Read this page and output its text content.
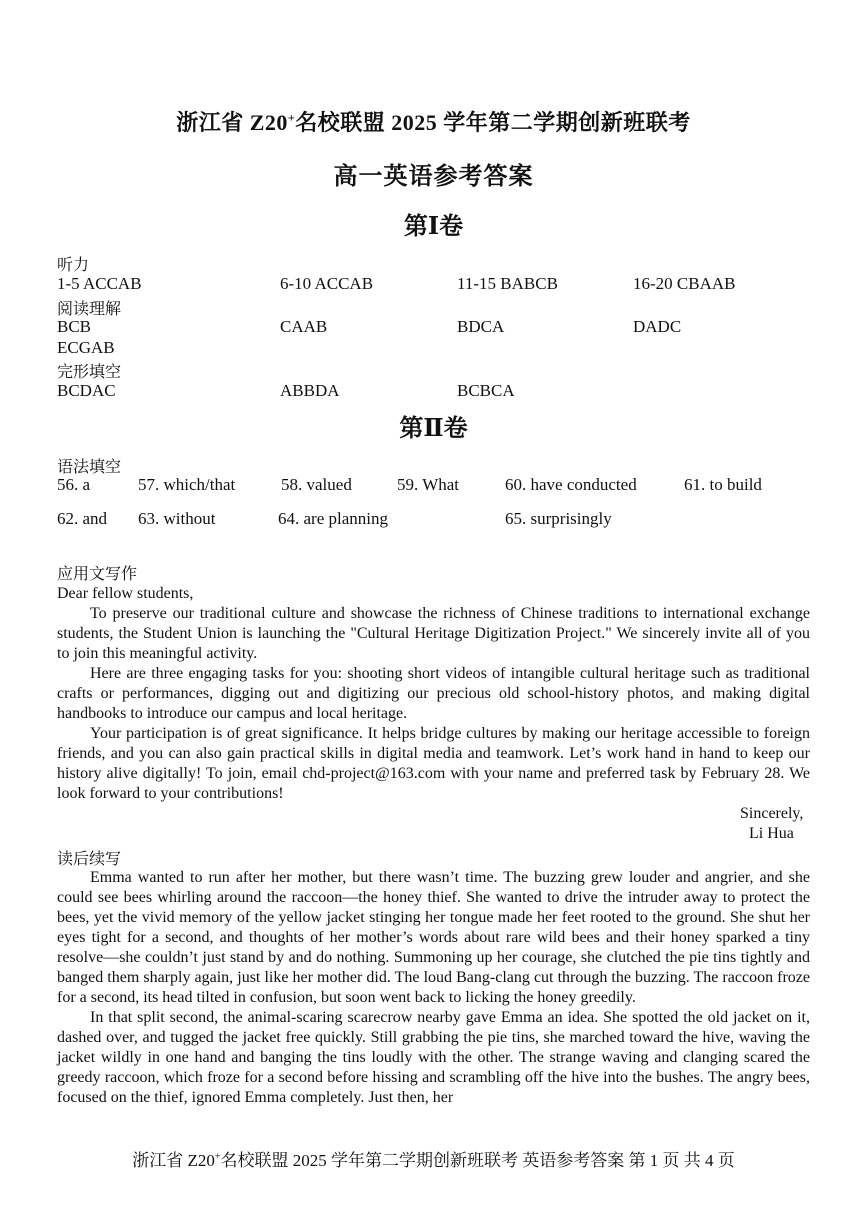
浙江省 Z20+名校联盟 2025 学年第二学期创新班联考
高一英语参考答案
第Ⅰ卷
听力
1-5 ACCAB	6-10 ACCAB	11-15 BABCB	16-20 CBAAB
阅读理解
BCB	CAAB	BDCA	DADC
ECGAB
完形填空
BCDAC	ABBDA	BCBCA
第Ⅱ卷
语法填空
56. a	57. which/that	58. valued	59. What	60. have conducted	61. to build
62. and 63. without	64. are planning	65. surprisingly
应用文写作

Dear fellow students,

To preserve our traditional culture and showcase the richness of Chinese traditions to international exchange students, the Student Union is launching the "Cultural Heritage Digitization Project." We sincerely invite all of you to join this meaningful activity.

Here are three engaging tasks for you: shooting short videos of intangible cultural heritage such as traditional crafts or performances, digging out and digitizing our precious old school-history photos, and making digital handbooks to introduce our campus and local heritage.

Your participation is of great significance. It helps bridge cultures by making our heritage accessible to foreign friends, and you can also gain practical skills in digital media and teamwork. Let’s work hand in hand to keep our history alive digitally! To join, email chd-project@163.com with your name and preferred task by February 28. We look forward to your contributions!

Sincerely,
Li Hua
读后续写

Emma wanted to run after her mother, but there wasn’t time. The buzzing grew louder and angrier, and she could see bees whirling around the raccoon—the honey thief. She wanted to drive the intruder away to protect the bees, yet the vivid memory of the yellow jacket stinging her tongue made her feet rooted to the ground. She shut her eyes tight for a second, and thoughts of her mother’s words about rare wild bees and their honey sparked a tiny resolve—she couldn’t just stand by and do nothing. Summoning up her courage, she clutched the pie tins tightly and banged them sharply again, just like her mother did. The loud Bang-clang cut through the buzzing. The raccoon froze for a second, its head tilted in confusion, but soon went back to licking the honey greedily.

In that split second, the animal-scaring scarecrow nearby gave Emma an idea. She spotted the old jacket on it, dashed over, and tugged the jacket free quickly. Still grabbing the pie tins, she marched toward the hive, waving the jacket wildly in one hand and banging the tins loudly with the other. The strange waving and clanging scared the greedy raccoon, which froze for a second before hissing and scrambling off the hive into the bushes. The angry bees, focused on the thief, ignored Emma completely. Just then, her

浙江省 Z20+名校联盟 2025 学年第二学期创新班联考 英语参考答案 第 1 页 共 4 页
